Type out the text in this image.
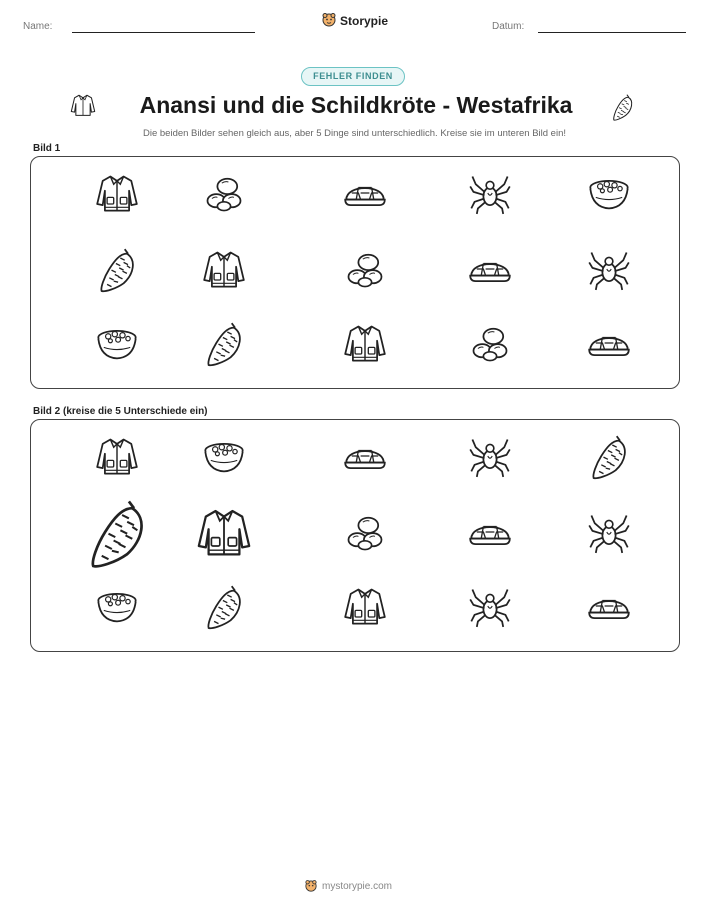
Name:	Storypie	Datum:
FEHLER FINDEN
Anansi und die Schildkröte - Westafrika
Die beiden Bilder sehen gleich aus, aber 5 Dinge sind unterschiedlich. Kreise sie im unteren Bild ein!
Bild 1
Bild 2 (kreise die 5 Unterschiede ein)
mystorypie.com
